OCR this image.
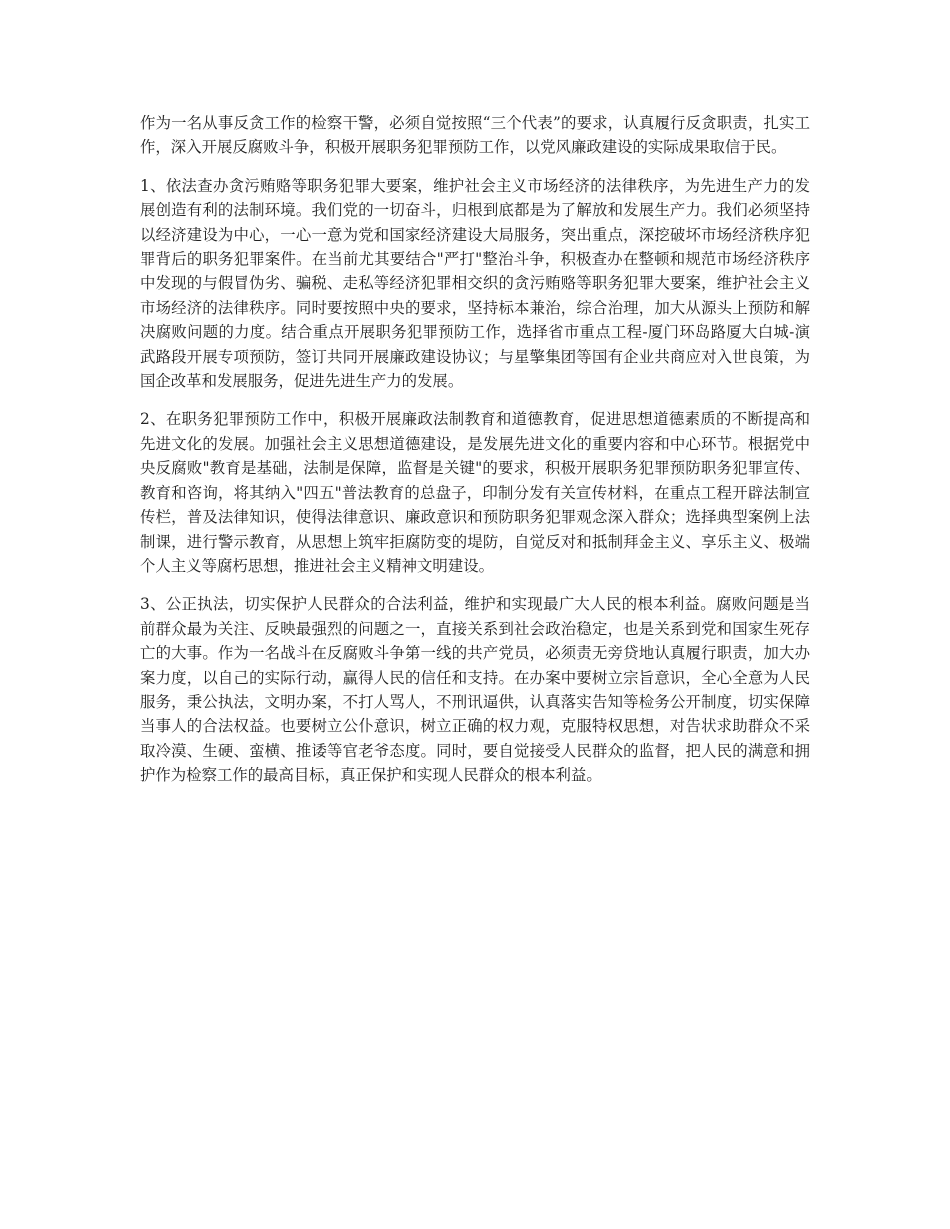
作为一名从事反贪工作的检察干警，必须自觉按照“三个代表”的要求，认真履行反贪职责，扎实工作，深入开展反腐败斗争，积极开展职务犯罪预防工作，以党风廉政建设的实际成果取信于民。

1、依法查办贪污贿赂等职务犯罪大要案，维护社会主义市场经济的法律秩序，为先进生产力的发展创造有利的法制环境。我们党的一切奋斗，归根到底都是为了解放和发展生产力。我们必须坚持以经济建设为中心，一心一意为党和国家经济建设大局服务，突出重点，深挖破坏市场经济秩序犯罪背后的职务犯罪案件。在当前尤其要结合"严打"整治斗争，积极查办在整顿和规范市场经济秩序中发现的与假冒伪劣、骗税、走私等经济犯罪相交织的贪污贿赂等职务犯罪大要案，维护社会主义市场经济的法律秩序。同时要按照中央的要求，坚持标本兼治，综合治理，加大从源头上预防和解决腐败问题的力度。结合重点开展职务犯罪预防工作，选择省市重点工程-厦门环岛路厦大白城-演武路段开展专项预防，签订共同开展廉政建设协议；与星擎集团等国有企业共商应对入世良策，为国企改革和发展服务，促进先进生产力的发展。

2、在职务犯罪预防工作中，积极开展廉政法制教育和道德教育，促进思想道德素质的不断提高和先进文化的发展。加强社会主义思想道德建设，是发展先进文化的重要内容和中心环节。根据党中央反腐败"教育是基础，法制是保障，监督是关键"的要求，积极开展职务犯罪预防职务犯罪宣传、教育和咨询，将其纳入"四五"普法教育的总盘子，印制分发有关宣传材料，在重点工程开辟法制宣传栏，普及法律知识，使得法律意识、廉政意识和预防职务犯罪观念深入群众；选择典型案例上法制课，进行警示教育，从思想上筑牢拒腐防变的堤防，自觉反对和抵制拜金主义、享乐主义、极端个人主义等腐朽思想，推进社会主义精神文明建设。

3、公正执法，切实保护人民群众的合法利益，维护和实现最广大人民的根本利益。腐败问题是当前群众最为关注、反映最强烈的问题之一，直接关系到社会政治稳定，也是关系到党和国家生死存亡的大事。作为一名战斗在反腐败斗争第一线的共产党员，必须责无旁贷地认真履行职责，加大办案力度，以自己的实际行动，赢得人民的信任和支持。在办案中要树立宗旨意识，全心全意为人民服务，秉公执法，文明办案，不打人骂人，不刑讯逼供，认真落实告知等检务公开制度，切实保障当事人的合法权益。也要树立公仆意识，树立正确的权力观，克服特权思想，对告状求助群众不采取冷漠、生硬、蛮横、推诿等官老爷态度。同时，要自觉接受人民群众的监督，把人民的满意和拥护作为检察工作的最高目标，真正保护和实现人民群众的根本利益。
